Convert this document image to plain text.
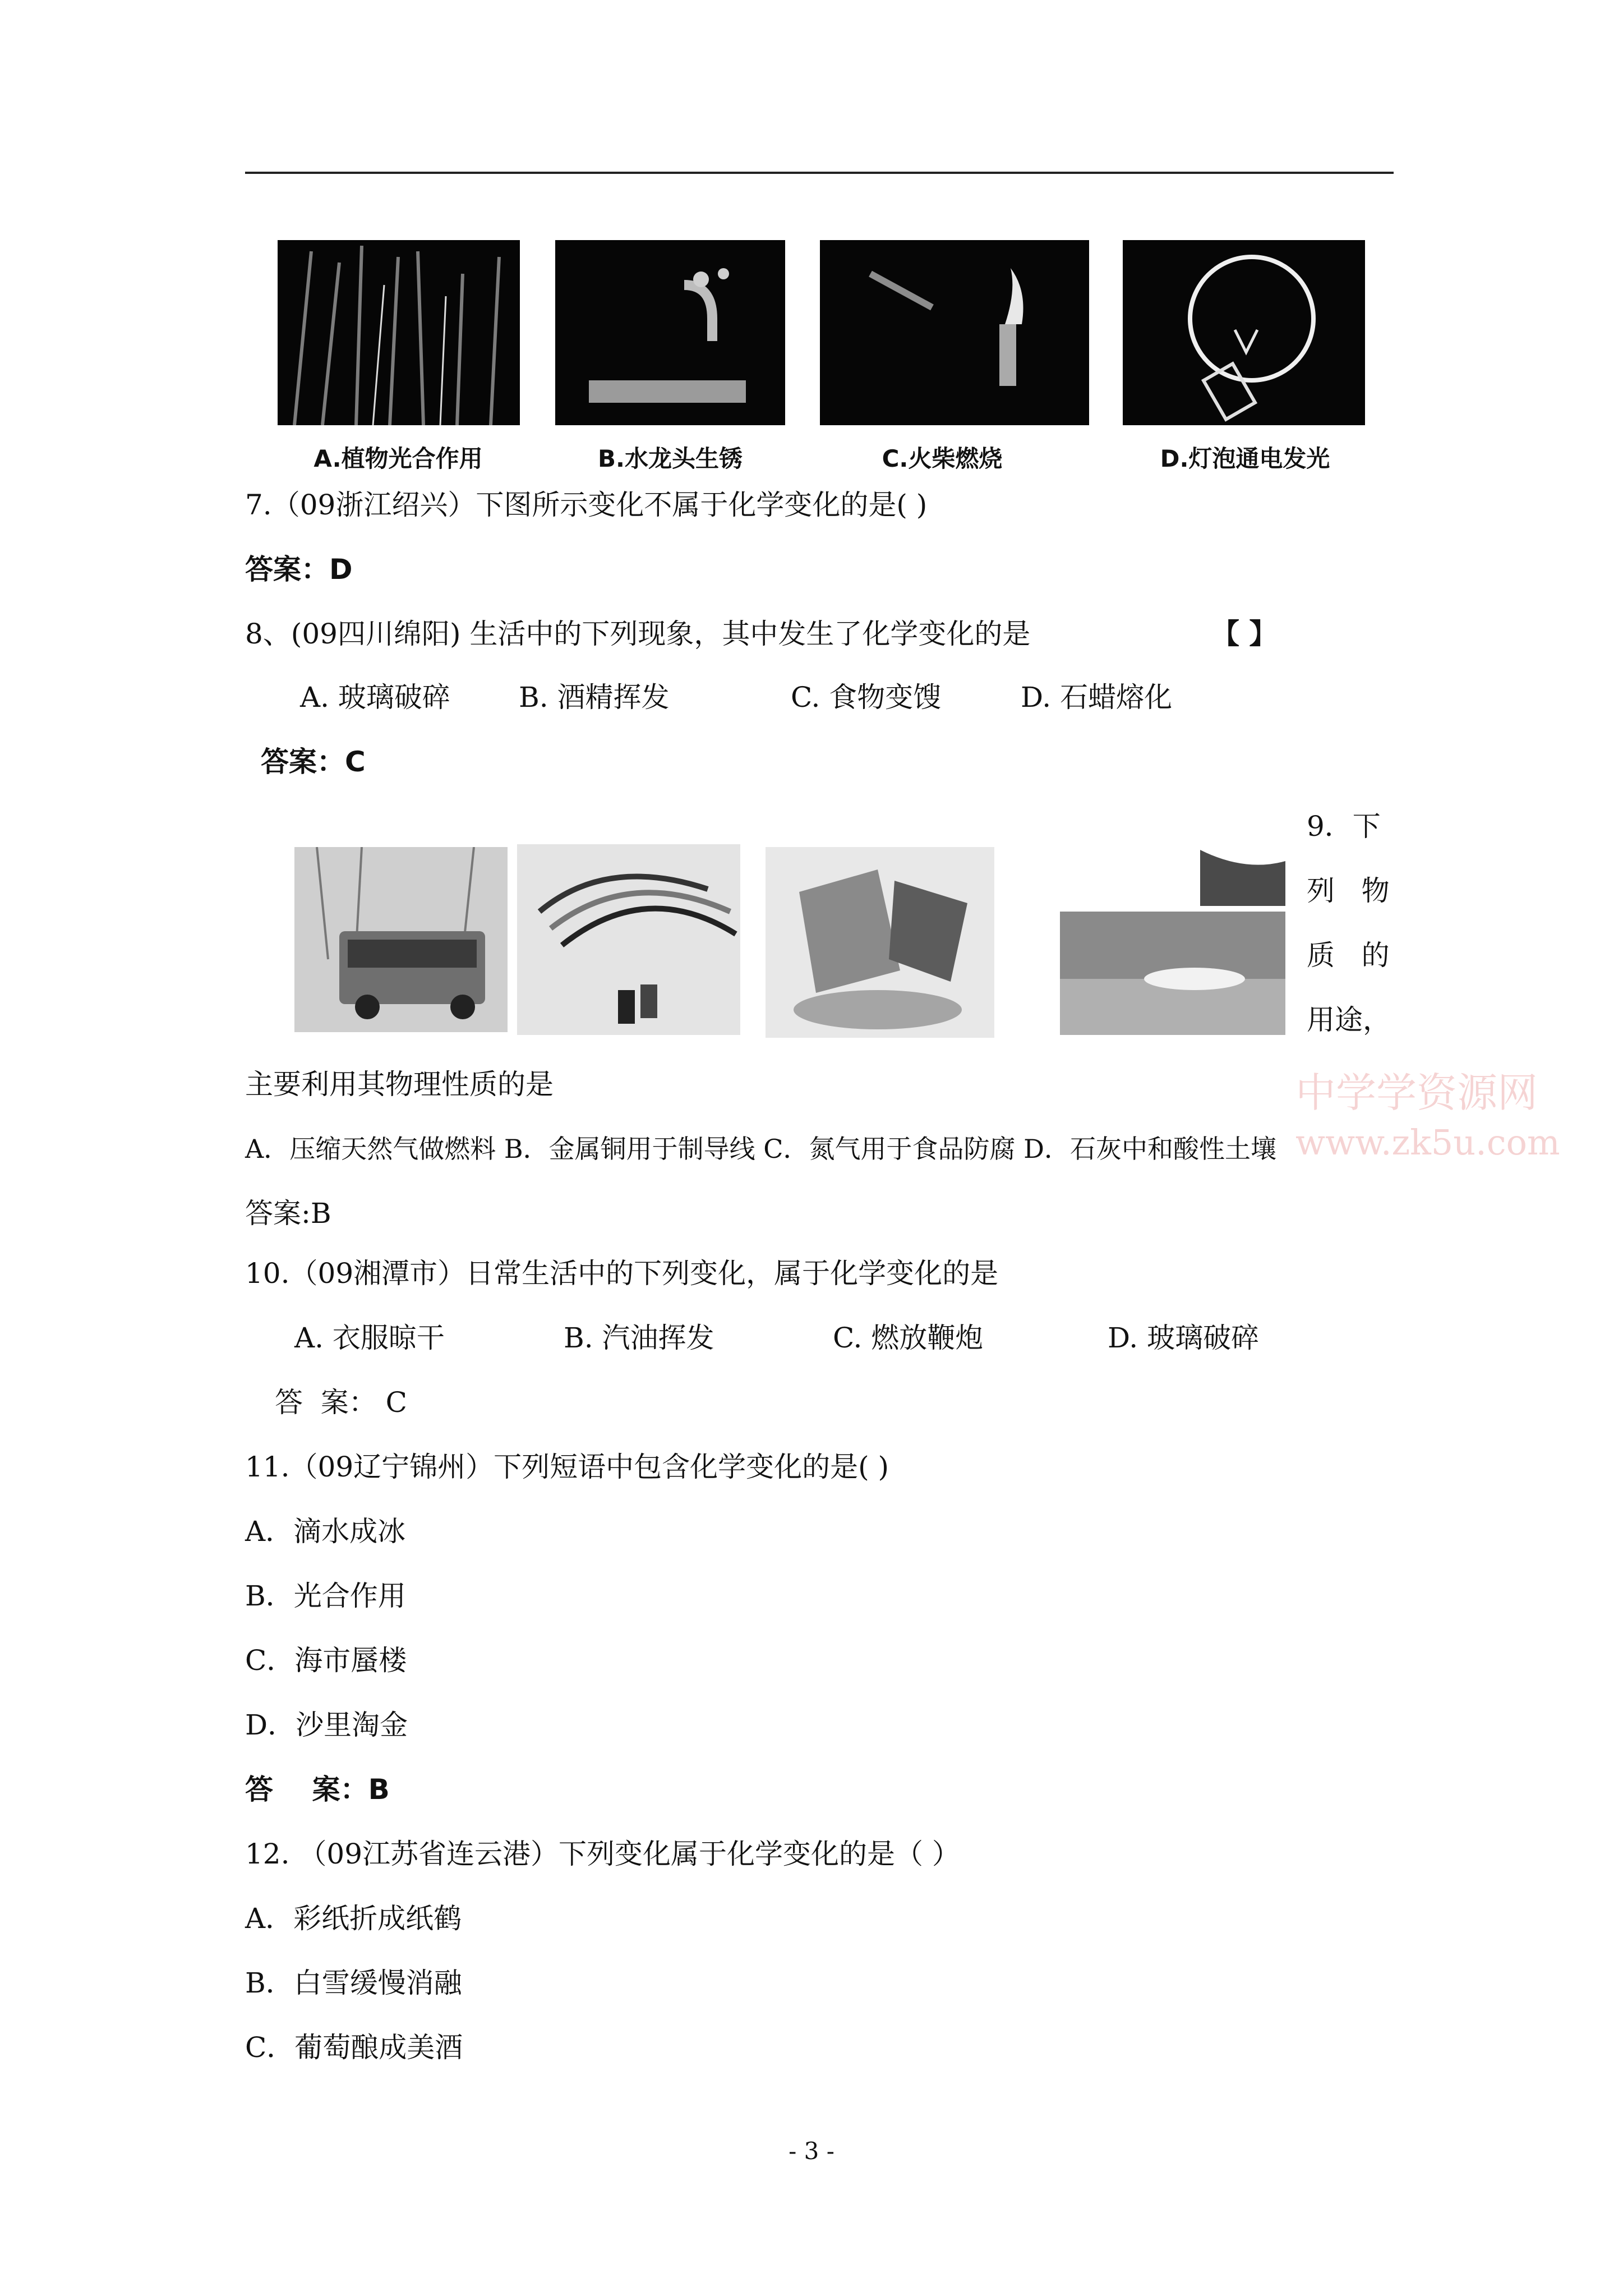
A.植物光合作用	B.水龙头生锈	C.火柴燃烧	D.灯泡通电发光
7.（09浙江绍兴）下图所示变化不属于化学变化的是( )
答案：D
8、(09四川绵阳) 生活中的下列现象，其中发生了化学变化的是	【 】
A. 玻璃破碎 B. 酒精挥发	C. 食物变馊	D. 石蜡熔化
答案：C
9．下
列   物
质   的
用途，
主要利用其物理性质的是
A．压缩天然气做燃料 B．金属铜用于制导线 C．氮气用于食品防腐 D．石灰中和酸性土壤
答案:B
中学学资源网
www.zk5u.com
10.（09湘潭市）日常生活中的下列变化，属于化学变化的是
A. 衣服晾干	B. 汽油挥发	C. 燃放鞭炮	D. 玻璃破碎
答  案： C
11.（09辽宁锦州）下列短语中包含化学变化的是( )
A．滴水成冰
B．光合作用
C．海市蜃楼
D．沙里淘金
答    案：B
12. （09江苏省连云港）下列变化属于化学变化的是（ ）
A．彩纸折成纸鹤
B．白雪缓慢消融
C．葡萄酿成美酒
- 3 -
